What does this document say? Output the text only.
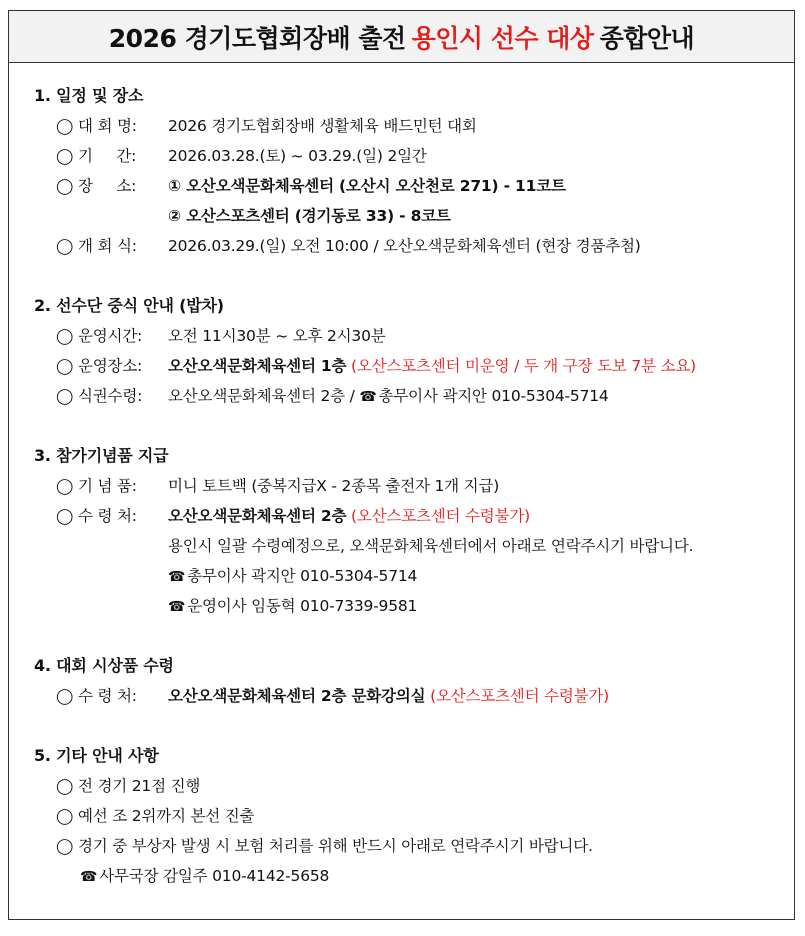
2026 경기도협회장배 출전 용인시 선수 대상 종합안내
1. 일정 및 장소
◯ 대 회 명: 2026 경기도협회장배 생활체육 배드민턴 대회
◯ 기     간: 2026.03.28.(토) ~ 03.29.(일) 2일간
◯ 장     소: ① 오산오색문화체육센터 (오산시 오산천로 271) - 11코트
② 오산스포츠센터 (경기동로 33) - 8코트
◯ 개 회 식: 2026.03.29.(일) 오전 10:00 / 오산오색문화체육센터 (현장 경품추첨)
2. 선수단 중식 안내 (밥차)
◯ 운영시간: 오전 11시30분 ~ 오후 2시30분
◯ 운영장소: 오산오색문화체육센터 1층 (오산스포츠센터 미운영 / 두 개 구장 도보 7분 소요)
◯ 식권수령: 오산오색문화체육센터 2층 / ☎ 총무이사 곽지안 010-5304-5714
3. 참가기념품 지급
◯ 기 념 품: 미니 토트백 (중복지급X - 2종목 출전자 1개 지급)
◯ 수 령 처: 오산오색문화체육센터 2층 (오산스포츠센터 수령불가)
용인시 일괄 수령예정으로, 오색문화체육센터에서 아래로 연락주시기 바랍니다.
☎ 총무이사 곽지안 010-5304-5714
☎ 운영이사 임동혁 010-7339-9581
4. 대회 시상품 수령
◯ 수 령 처: 오산오색문화체육센터 2층 문화강의실 (오산스포츠센터 수령불가)
5. 기타 안내 사항
◯ 전 경기 21점 진행
◯ 예선 조 2위까지 본선 진출
◯ 경기 중 부상자 발생 시 보험 처리를 위해 반드시 아래로 연락주시기 바랍니다.
☎ 사무국장 감일주 010-4142-5658
